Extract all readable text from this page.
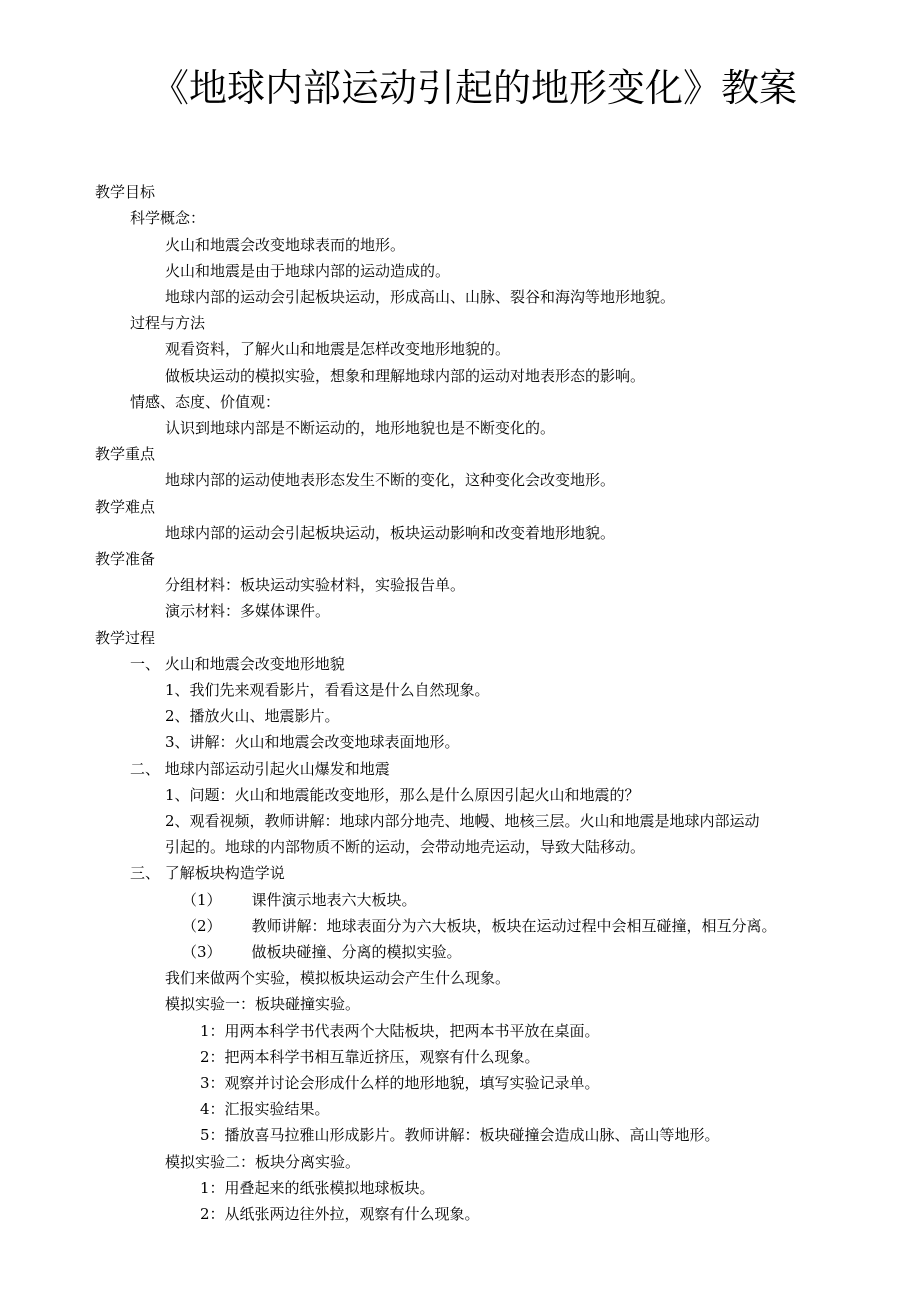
《地球内部运动引起的地形变化》教案
教学目标
科学概念：
火山和地震会改变地球表而的地形。
火山和地震是由于地球内部的运动造成的。
地球内部的运动会引起板块运动，形成高山、山脉、裂谷和海沟等地形地貌。
过程与方法
观看资料，了解火山和地震是怎样改变地形地貌的。
做板块运动的模拟实验，想象和理解地球内部的运动对地表形态的影响。
情感、态度、价值观：
认识到地球内部是不断运动的，地形地貌也是不断变化的。
教学重点
地球内部的运动使地表形态发生不断的变化，这种变化会改变地形。
教学难点
地球内部的运动会引起板块运动，板块运动影响和改变着地形地貌。
教学准备
分组材料：板块运动实验材料，实验报告单。
演示材料：多媒体课件。
教学过程
一、 火山和地震会改变地形地貌
1、我们先来观看影片，看看这是什么自然现象。
2、播放火山、地震影片。
3、讲解：火山和地震会改变地球表面地形。
二、 地球内部运动引起火山爆发和地震
1、问题：火山和地震能改变地形，那么是什么原因引起火山和地震的？
2、观看视频，教师讲解：地球内部分地壳、地幔、地核三层。火山和地震是地球内部运动
引起的。地球的内部物质不断的运动，会带动地壳运动，导致大陆移动。
三、 了解板块构造学说
（1） 课件演示地表六大板块。
（2） 教师讲解：地球表面分为六大板块，板块在运动过程中会相互碰撞，相互分离。
（3） 做板块碰撞、分离的模拟实验。
我们来做两个实验，模拟板块运动会产生什么现象。
模拟实验一：板块碰撞实验。
1：用两本科学书代表两个大陆板块，把两本书平放在桌面。
2：把两本科学书相互靠近挤压，观察有什么现象。
3：观察并讨论会形成什么样的地形地貌，填写实验记录单。
4：汇报实验结果。
5：播放喜马拉雅山形成影片。教师讲解：板块碰撞会造成山脉、高山等地形。
模拟实验二：板块分离实验。
1：用叠起来的纸张模拟地球板块。
2：从纸张两边往外拉，观察有什么现象。
